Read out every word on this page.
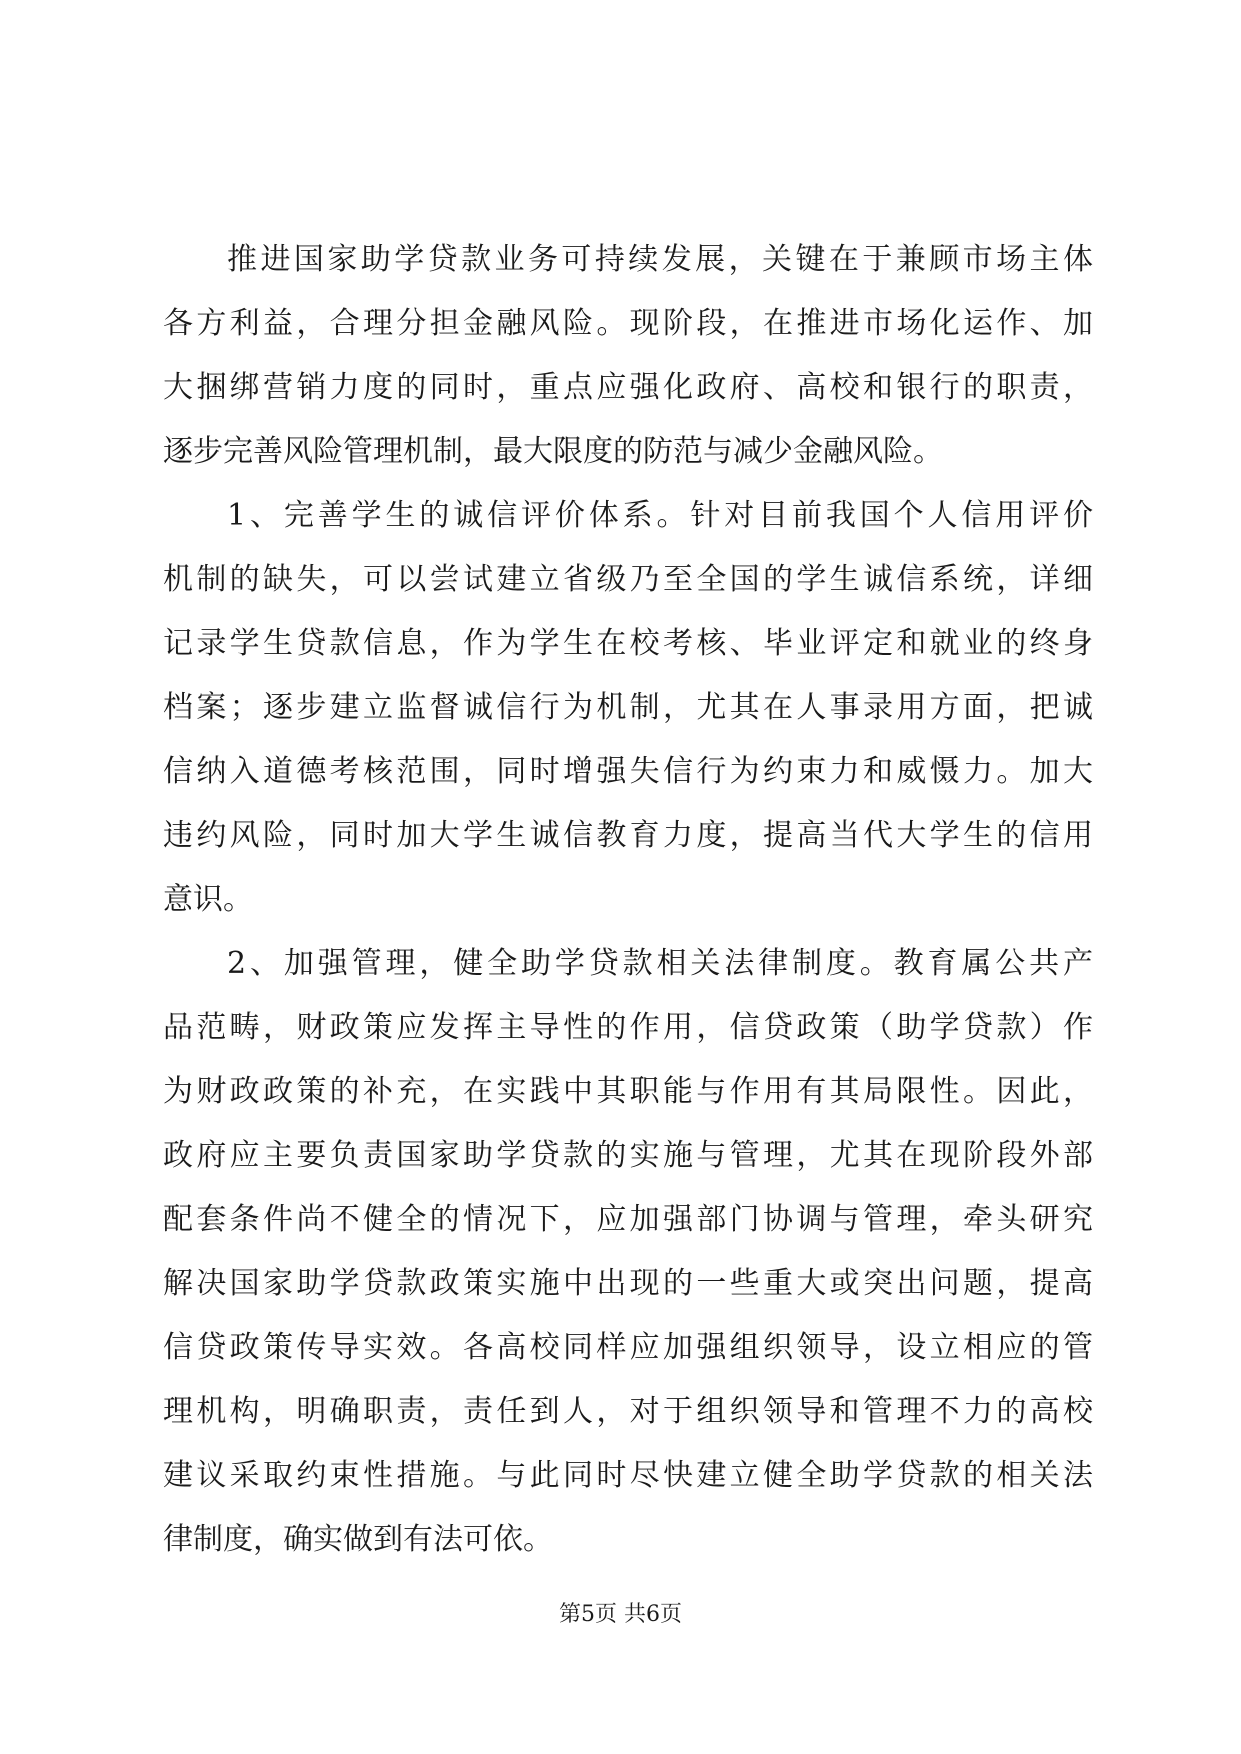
推进国家助学贷款业务可持续发展，关键在于兼顾市场主体
各方利益，合理分担金融风险。现阶段，在推进市场化运作、加
大捆绑营销力度的同时，重点应强化政府、高校和银行的职责，
逐步完善风险管理机制，最大限度的防范与减少金融风险。
1、完善学生的诚信评价体系。针对目前我国个人信用评价
机制的缺失，可以尝试建立省级乃至全国的学生诚信系统，详细
记录学生贷款信息，作为学生在校考核、毕业评定和就业的终身
档案；逐步建立监督诚信行为机制，尤其在人事录用方面，把诚
信纳入道德考核范围，同时增强失信行为约束力和威慑力。加大
违约风险，同时加大学生诚信教育力度，提高当代大学生的信用
意识。
2、加强管理，健全助学贷款相关法律制度。教育属公共产
品范畴，财政策应发挥主导性的作用，信贷政策（助学贷款）作
为财政政策的补充，在实践中其职能与作用有其局限性。因此，
政府应主要负责国家助学贷款的实施与管理，尤其在现阶段外部
配套条件尚不健全的情况下，应加强部门协调与管理，牵头研究
解决国家助学贷款政策实施中出现的一些重大或突出问题，提高
信贷政策传导实效。各高校同样应加强组织领导，设立相应的管
理机构，明确职责，责任到人，对于组织领导和管理不力的高校
建议采取约束性措施。与此同时尽快建立健全助学贷款的相关法
律制度，确实做到有法可依。
第5页 共6页
